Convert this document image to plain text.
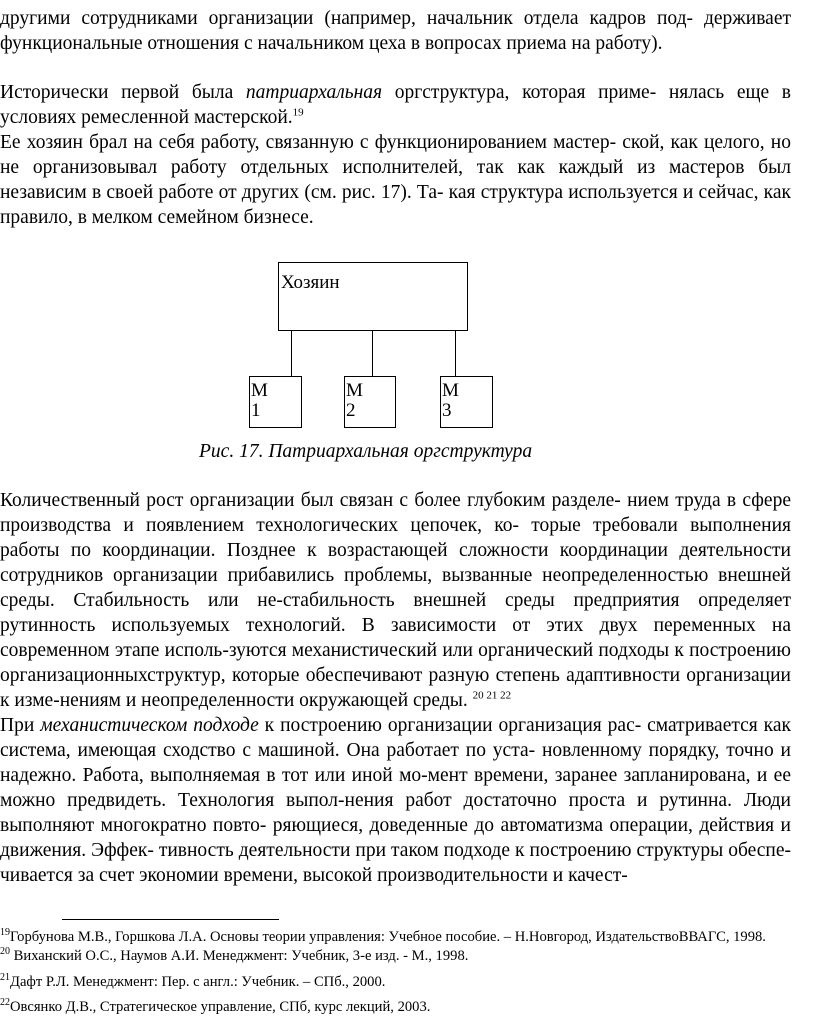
другими сотрудниками организации (например, начальник отдела кадров под- держивает функциональные отношения с начальником цеха в вопросах приема на работу).

Исторически первой была патриархальная оргструктура, которая приме- нялась еще в условиях ремесленной мастерской.$^{19}$

Ее хозяин брал на себя работу, связанную с функционированием мастер- ской, как целого, но не организовывал работу отдельных исполнителей, так как каждый из мастеров был независим в своей работе от других (см. рис. 17). Та- кая структура используется и сейчас, как правило, в мелком семейном бизнесе.

Хозяин
М 1
М 2
М 3
Рис. 17. Патриархальная оргструктура

Количественный рост организации был связан с более глубоким разделе- нием труда в сфере производства и появлением технологических цепочек, ко- торые требовали выполнения работы по координации. Позднее к возрастающей сложности координации деятельности сотрудников организации прибавились проблемы, вызванные неопределенностью внешней среды. Стабильность или не-стабильность внешней среды предприятия определяет рутинность используемых технологий. В зависимости от этих двух переменных на современном этапе исполь-зуются механистический или органический подходы к построению организационныхструктур, которые обеспечивают разную степень адаптивности организации к изме-нениям и неопределенности окружающей среды. $^{20 21 22}$

При механистическом подходе к построению организации организация рас- сматривается как система, имеющая сходство с машиной. Она работает по уста- новленному порядку, точно и надежно. Работа, выполняемая в тот или иной мо-мент времени, заранее запланирована, и ее можно предвидеть. Технология выпол-нения работ достаточно проста и рутинна. Люди выполняют многократно повто- ряющиеся, доведенные до автоматизма операции, действия и движения. Эффек- тивность деятельности при таком подходе к построению структуры обеспе- чивается за счет экономии времени, высокой производительности и качест-

$^{19}$Горбунова М.В., Горшкова Л.А. Основы теории управления: Учебное пособие. – Н.Новгород, ИздательствоВВАГС, 1998.
$^{20}$ Виханский О.С., Наумов А.И. Менеджмент: Учебник, 3-е изд. - М., 1998.
$^{21}$Дафт Р.Л. Менеджмент: Пер. с англ.: Учебник. – СПб., 2000.
$^{22}$Овсянко Д.В., Стратегическое управление, СПб, курс лекций, 2003.
